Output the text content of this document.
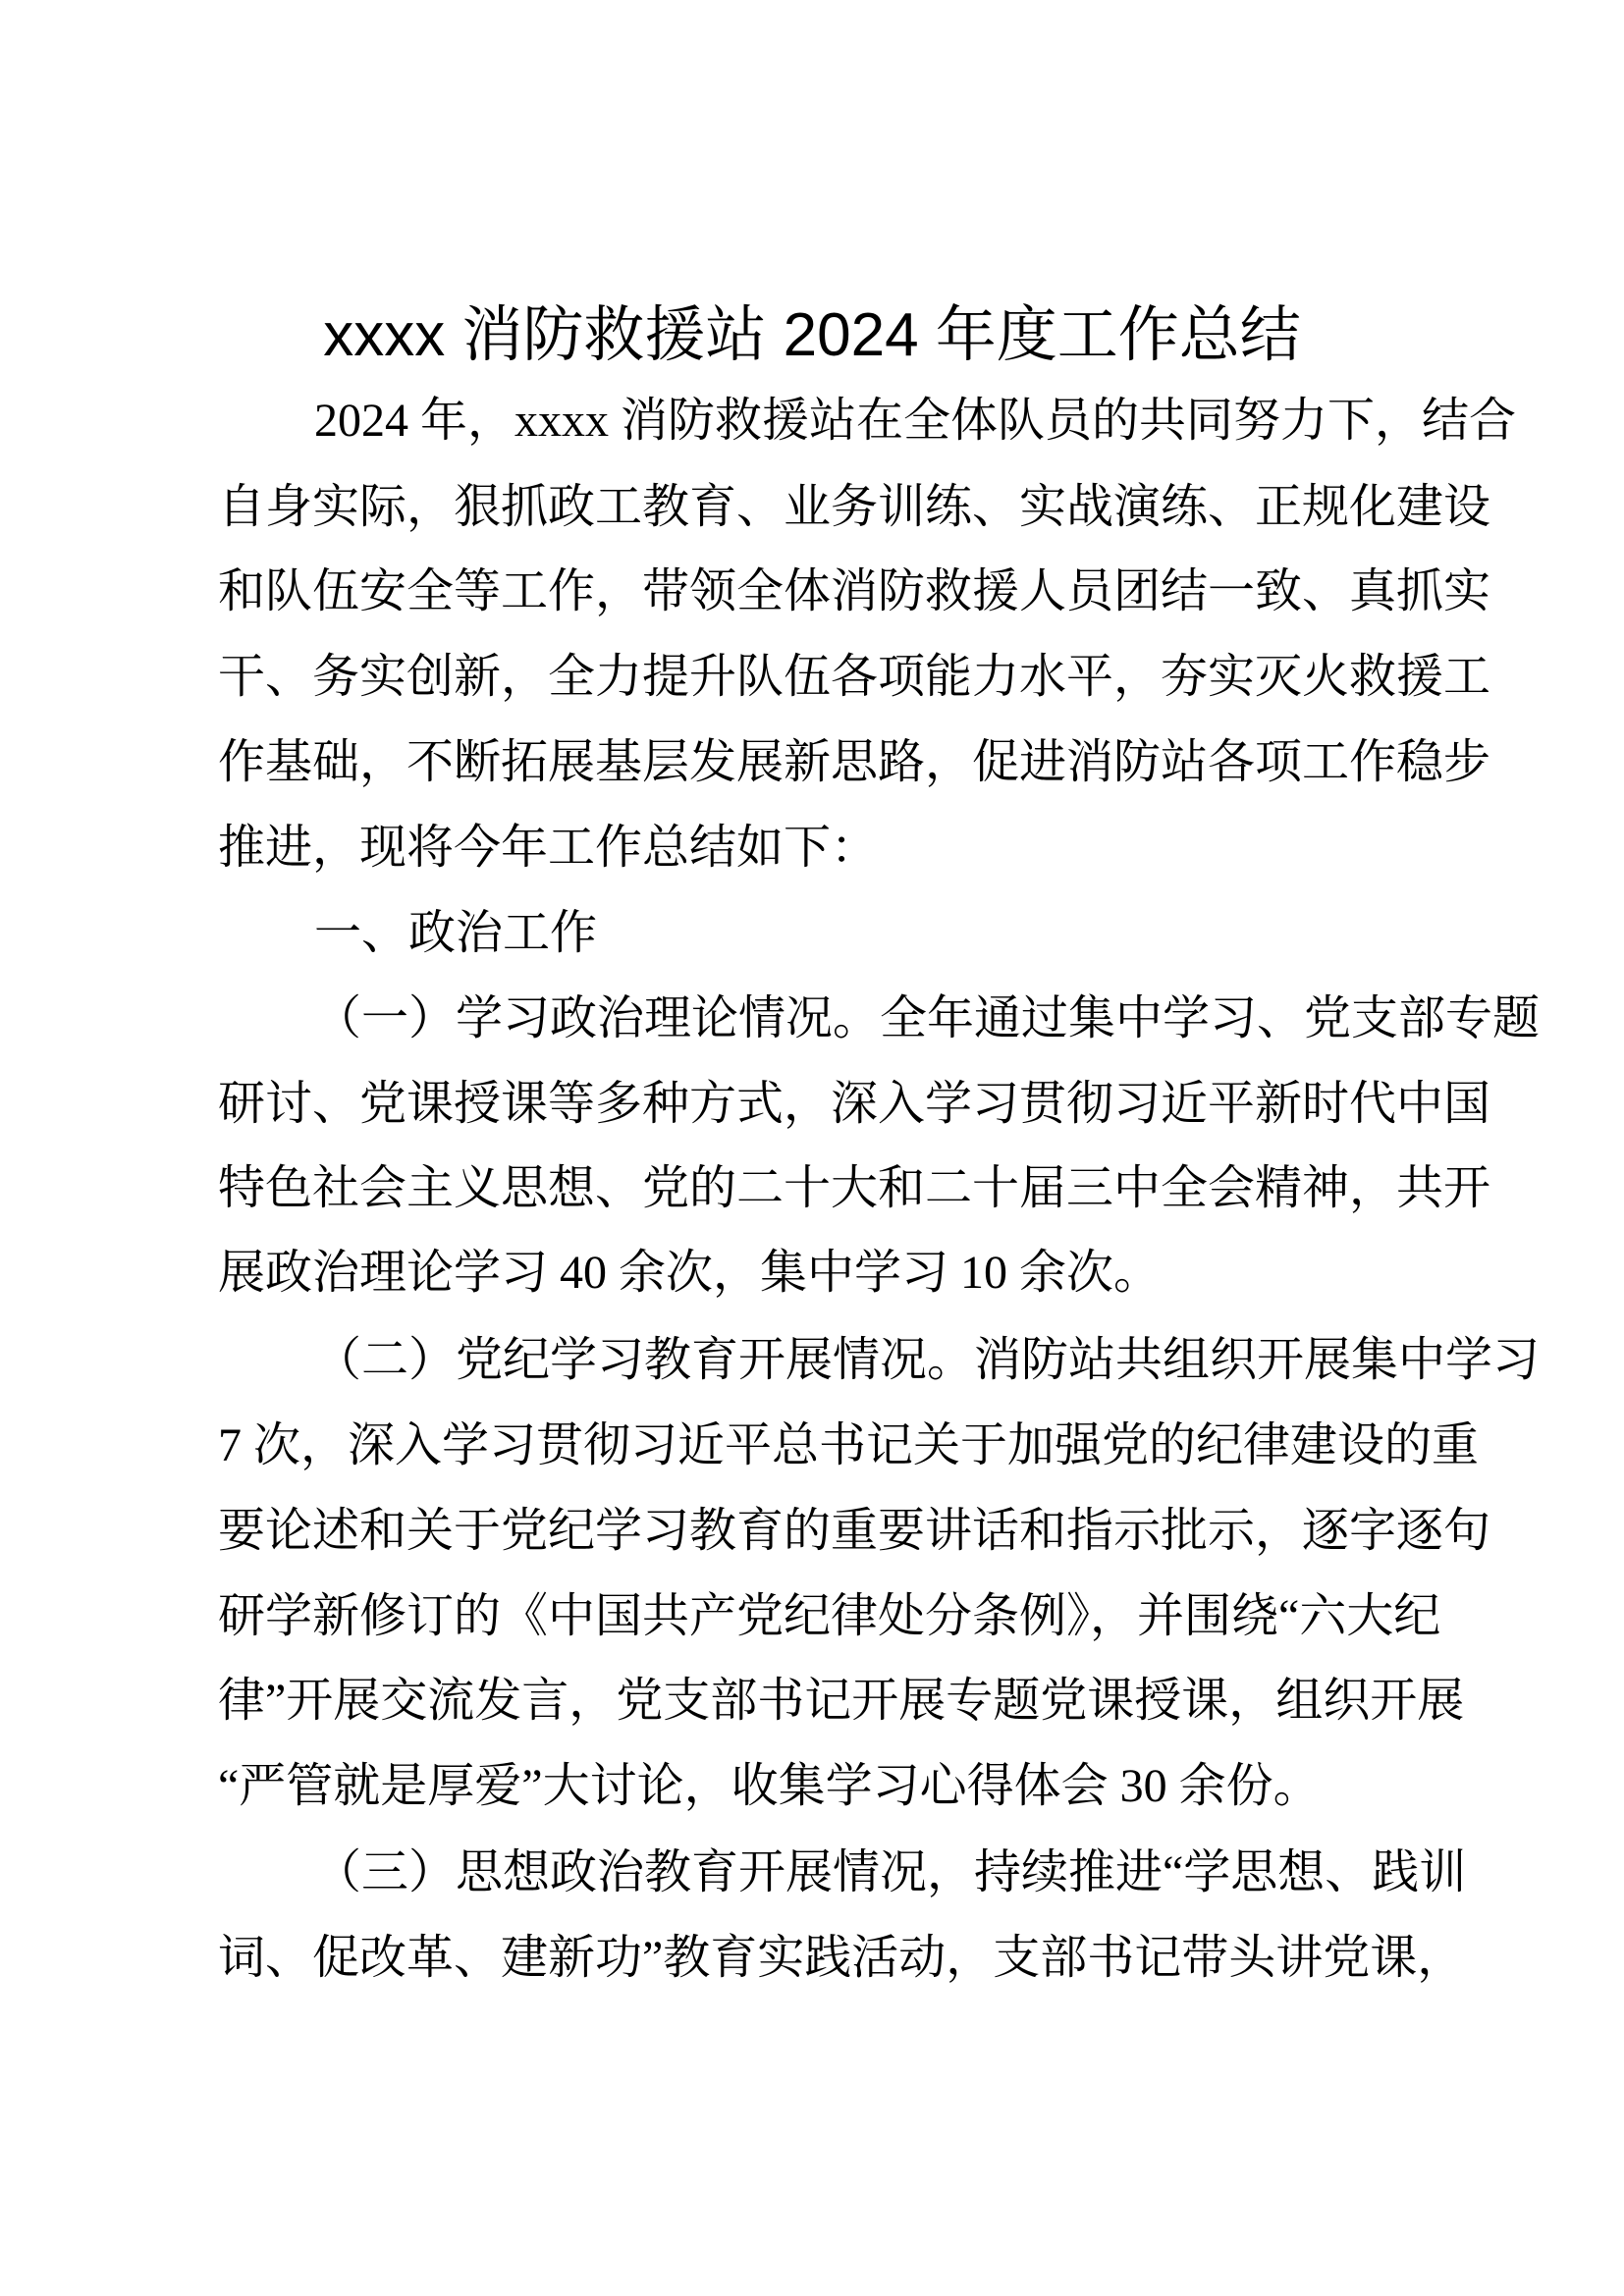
xxxx 消防救援站 2024 年度工作总结
2024 年，xxxx 消防救援站在全体队员的共同努力下，结合
自身实际，狠抓政工教育、业务训练、实战演练、正规化建设
和队伍安全等工作，带领全体消防救援人员团结一致、真抓实
干、务实创新，全力提升队伍各项能力水平，夯实灭火救援工
作基础，不断拓展基层发展新思路，促进消防站各项工作稳步
推进，现将今年工作总结如下：
一、政治工作
（一）学习政治理论情况。全年通过集中学习、党支部专题
研讨、党课授课等多种方式，深入学习贯彻习近平新时代中国
特色社会主义思想、党的二十大和二十届三中全会精神，共开
展政治理论学习 40 余次，集中学习 10 余次。
（二）党纪学习教育开展情况。消防站共组织开展集中学习
7 次，深入学习贯彻习近平总书记关于加强党的纪律建设的重
要论述和关于党纪学习教育的重要讲话和指示批示，逐字逐句
研学新修订的《中国共产党纪律处分条例》，并围绕“六大纪
律”开展交流发言，党支部书记开展专题党课授课，组织开展
“严管就是厚爱”大讨论，收集学习心得体会 30 余份。
（三）思想政治教育开展情况，持续推进“学思想、践训
词、促改革、建新功”教育实践活动，支部书记带头讲党课，
